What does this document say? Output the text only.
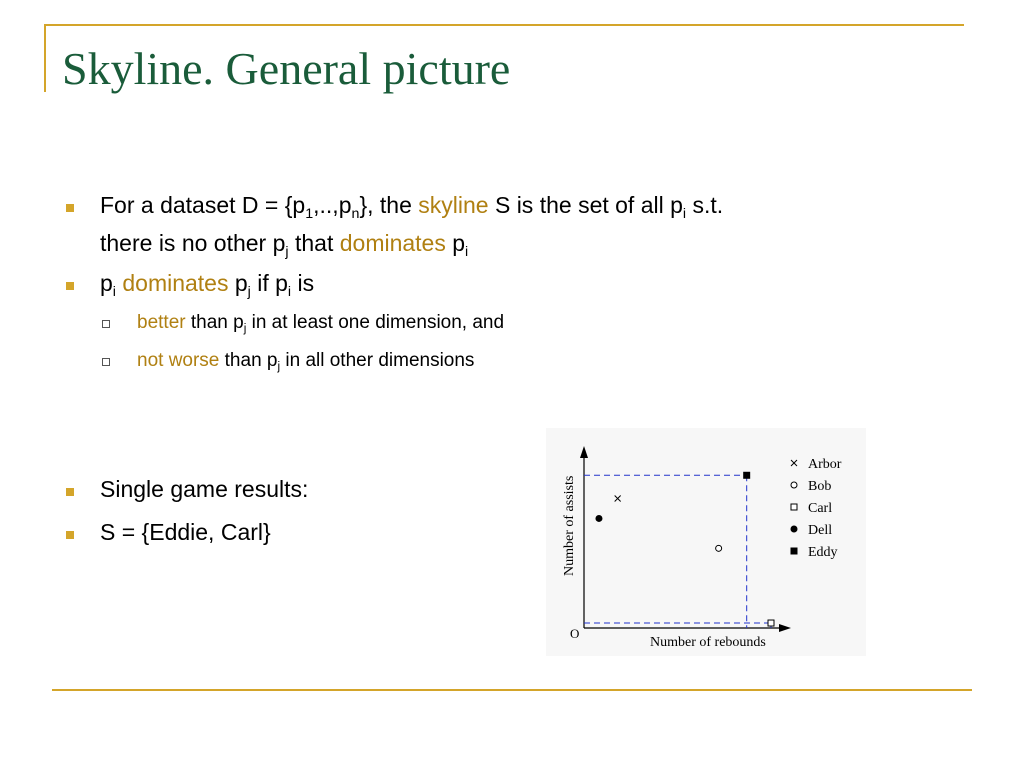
Skyline. General picture
For a dataset $D = \{p_1,..,p_n\}$, the skyline S is the set of all $p_i$ s.t.
there is no other $p_j$ that dominates $p_i$
$p_i$ dominates $p_j$ if $p_i$ is
better than $p_j$ in at least one dimension, and
not worse than $p_j$ in all other dimensions
Single game results:
S = {Eddie, Carl}
Arbor
Bob
Carl
Dell
Eddy
Number of assists
Number of rebounds
O
